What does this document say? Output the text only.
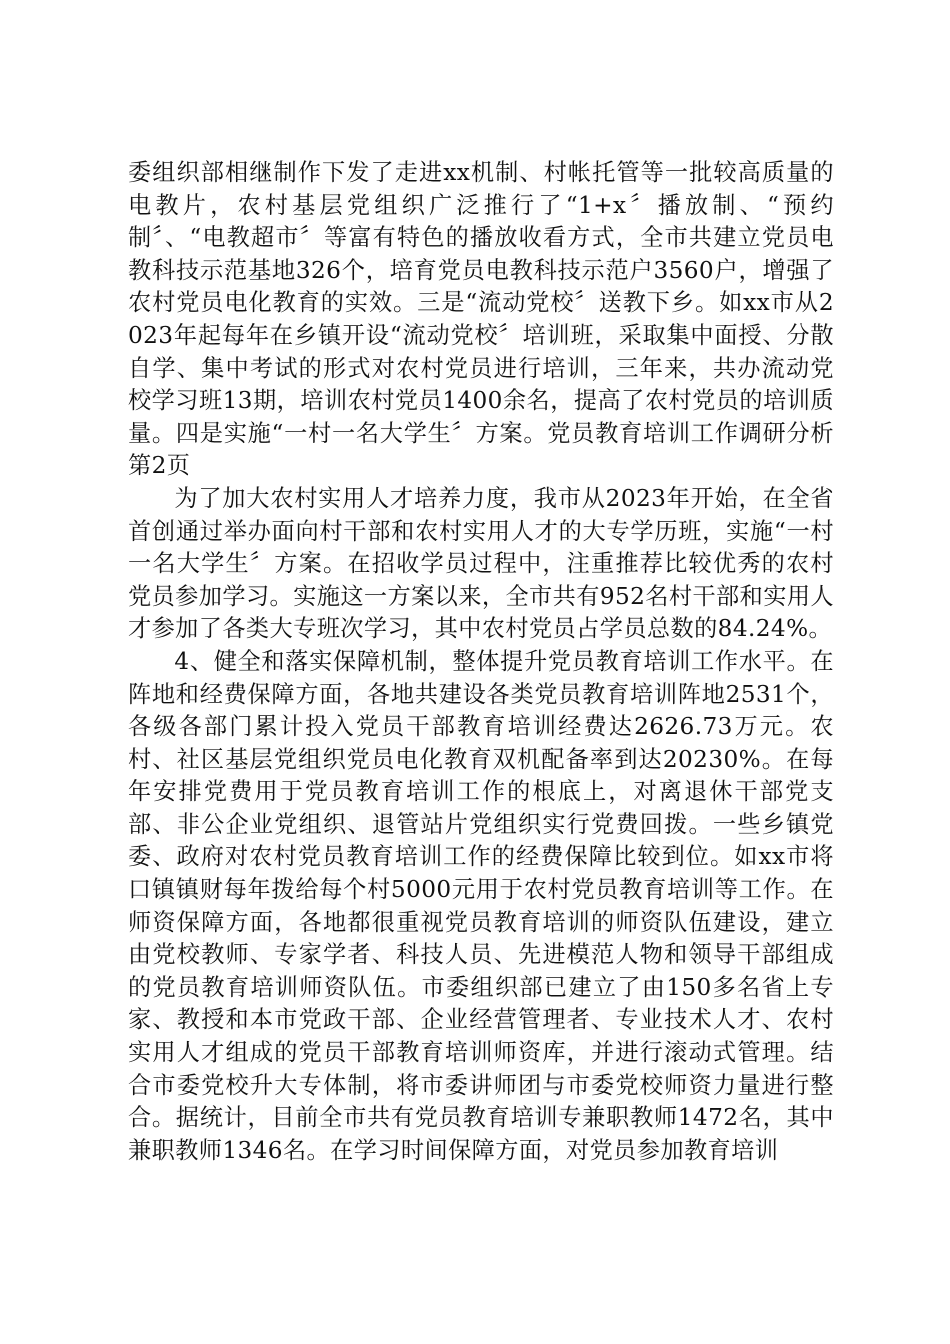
委组织部相继制作下发了走进xx机制、村帐托管等一批较高质量的电教片，农村基层党组织广泛推行了“1+x〞播放制、“预约制〞、“电教超市〞等富有特色的播放收看方式，全市共建立党员电教科技示范基地326个，培育党员电教科技示范户3560户，增强了农村党员电化教育的实效。三是“流动党校〞送教下乡。如xx市从2023年起每年在乡镇开设“流动党校〞培训班，采取集中面授、分散自学、集中考试的形式对农村党员进行培训，三年来，共办流动党校学习班13期，培训农村党员1400余名，提高了农村党员的培训质量。四是实施“一村一名大学生〞方案。党员教育培训工作调研分析第2页

为了加大农村实用人才培养力度，我市从2023年开始，在全省首创通过举办面向村干部和农村实用人才的大专学历班，实施“一村一名大学生〞方案。在招收学员过程中，注重推荐比较优秀的农村党员参加学习。实施这一方案以来，全市共有952名村干部和实用人才参加了各类大专班次学习，其中农村党员占学员总数的84.24%。

4、健全和落实保障机制，整体提升党员教育培训工作水平。在阵地和经费保障方面，各地共建设各类党员教育培训阵地2531个，各级各部门累计投入党员干部教育培训经费达2626.73万元。农村、社区基层党组织党员电化教育双机配备率到达20230%。在每年安排党费用于党员教育培训工作的根底上，对离退休干部党支部、非公企业党组织、退管站片党组织实行党费回拨。一些乡镇党委、政府对农村党员教育培训工作的经费保障比较到位。如xx市将口镇镇财每年拨给每个村5000元用于农村党员教育培训等工作。在师资保障方面，各地都很重视党员教育培训的师资队伍建设，建立由党校教师、专家学者、科技人员、先进模范人物和领导干部组成的党员教育培训师资队伍。市委组织部已建立了由150多名省上专家、教授和本市党政干部、企业经营管理者、专业技术人才、农村实用人才组成的党员干部教育培训师资库，并进行滚动式管理。结合市委党校升大专体制，将市委讲师团与市委党校师资力量进行整合。据统计，目前全市共有党员教育培训专兼职教师1472名，其中兼职教师1346名。在学习时间保障方面，对党员参加教育培训
